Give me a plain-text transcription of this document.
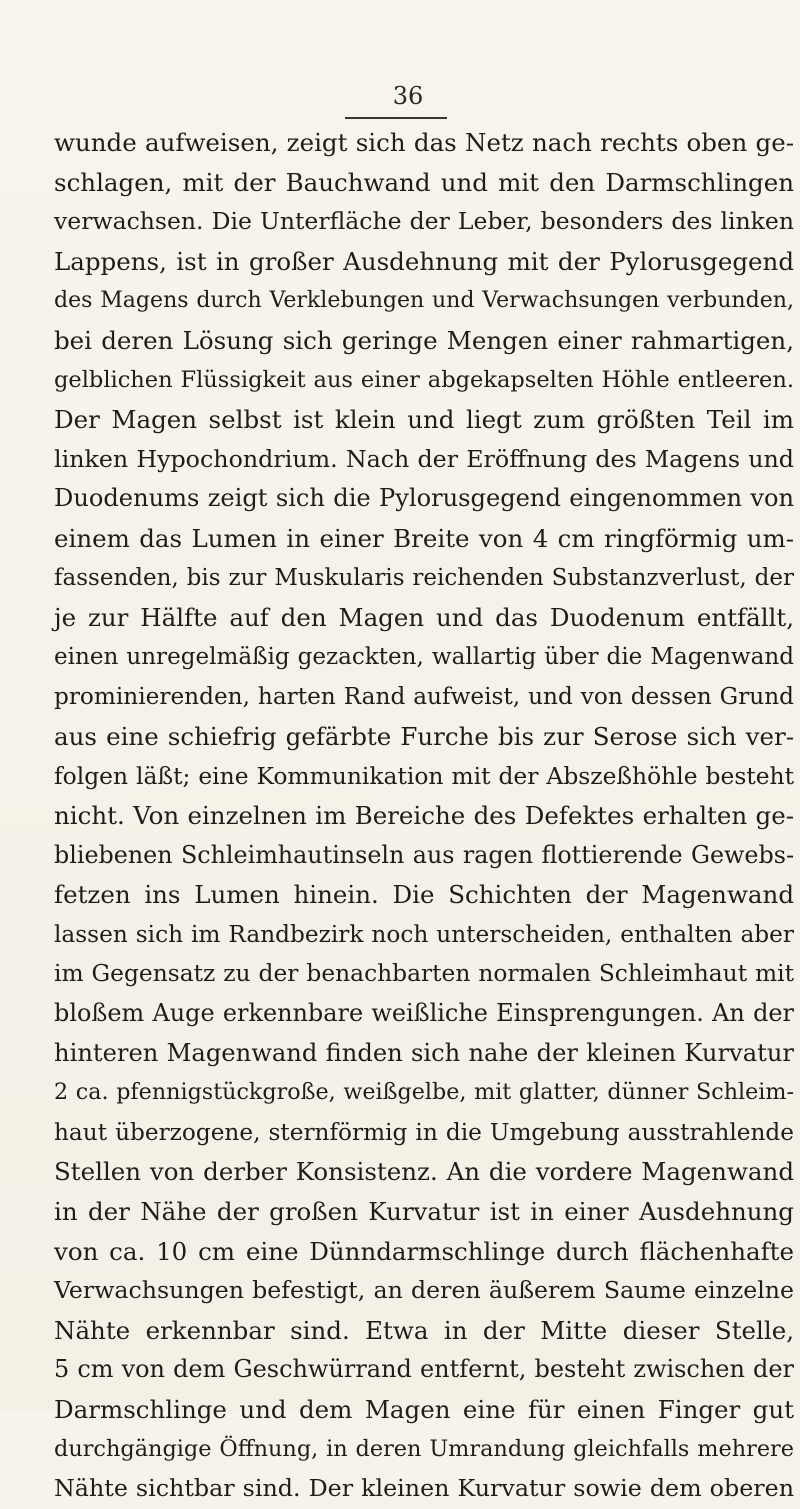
36
wunde aufweisen, zeigt sich das Netz nach rechts oben ge-
schlagen, mit der Bauchwand und mit den Darmschlingen
verwachsen. Die Unterfläche der Leber, besonders des linken
Lappens, ist in großer Ausdehnung mit der Pylorusgegend
des Magens durch Verklebungen und Verwachsungen verbunden,
bei deren Lösung sich geringe Mengen einer rahmartigen,
gelblichen Flüssigkeit aus einer abgekapselten Höhle entleeren.
Der Magen selbst ist klein und liegt zum größten Teil im
linken Hypochondrium. Nach der Eröffnung des Magens und
Duodenums zeigt sich die Pylorusgegend eingenommen von
einem das Lumen in einer Breite von 4 cm ringförmig um-
fassenden, bis zur Muskularis reichenden Substanzverlust, der
je zur Hälfte auf den Magen und das Duodenum entfällt,
einen unregelmäßig gezackten, wallartig über die Magenwand
prominierenden, harten Rand aufweist, und von dessen Grund
aus eine schiefrig gefärbte Furche bis zur Serose sich ver-
folgen läßt; eine Kommunikation mit der Abszeßhöhle besteht
nicht. Von einzelnen im Bereiche des Defektes erhalten ge-
bliebenen Schleimhautinseln aus ragen flottierende Gewebs-
fetzen ins Lumen hinein. Die Schichten der Magenwand
lassen sich im Randbezirk noch unterscheiden, enthalten aber
im Gegensatz zu der benachbarten normalen Schleimhaut mit
bloßem Auge erkennbare weißliche Einsprengungen. An der
hinteren Magenwand finden sich nahe der kleinen Kurvatur
2 ca. pfennigstückgroße, weißgelbe, mit glatter, dünner Schleim-
haut überzogene, sternförmig in die Umgebung ausstrahlende
Stellen von derber Konsistenz. An die vordere Magenwand
in der Nähe der großen Kurvatur ist in einer Ausdehnung
von ca. 10 cm eine Dünndarmschlinge durch flächenhafte
Verwachsungen befestigt, an deren äußerem Saume einzelne
Nähte erkennbar sind. Etwa in der Mitte dieser Stelle,
5 cm von dem Geschwürrand entfernt, besteht zwischen der
Darmschlinge und dem Magen eine für einen Finger gut
durchgängige Öffnung, in deren Umrandung gleichfalls mehrere
Nähte sichtbar sind. Der kleinen Kurvatur sowie dem oberen
